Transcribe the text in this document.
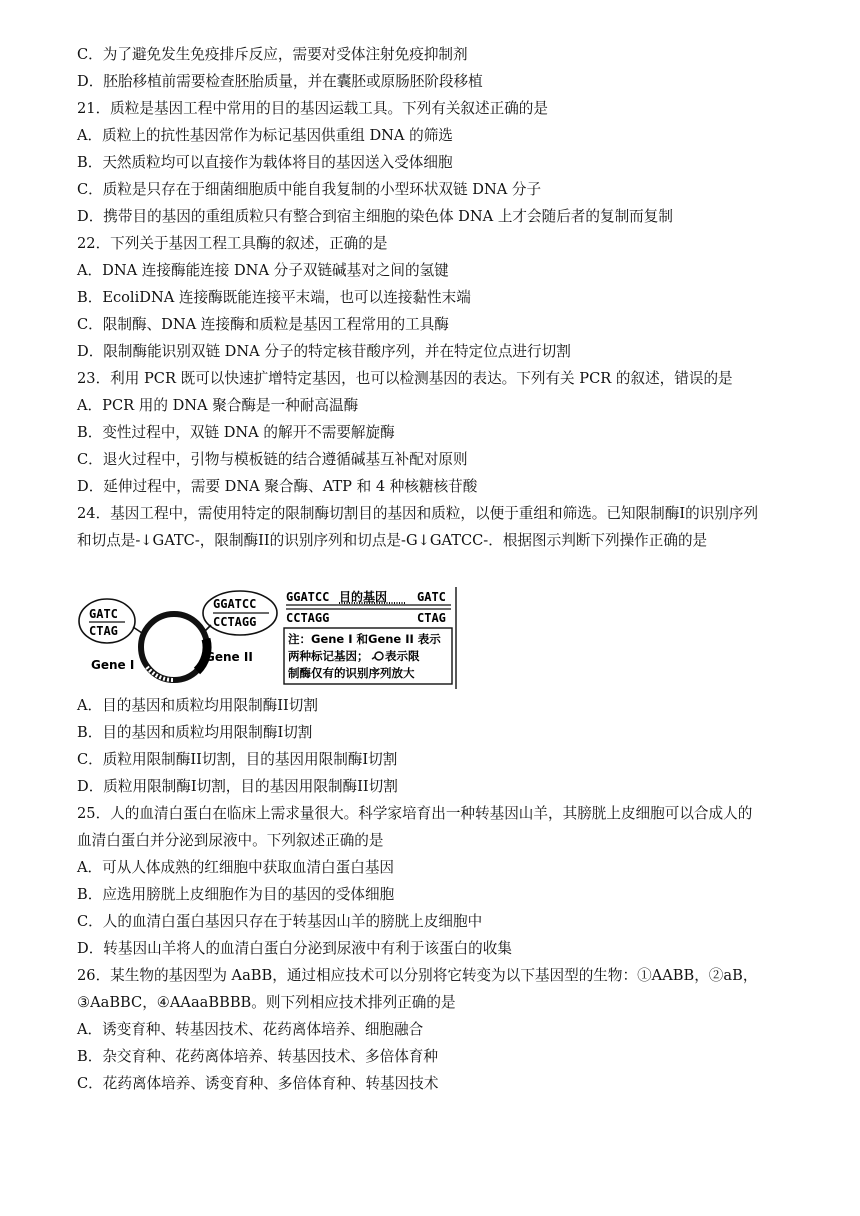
C．为了避免发生免疫排斥反应，需要对受体注射免疫抑制剂
D．胚胎移植前需要检查胚胎质量，并在囊胚或原肠胚阶段移植
21．质粒是基因工程中常用的目的基因运载工具。下列有关叙述正确的是
A．质粒上的抗性基因常作为标记基因供重组 DNA 的筛选
B．天然质粒均可以直接作为载体将目的基因送入受体细胞
C．质粒是只存在于细菌细胞质中能自我复制的小型环状双链 DNA 分子
D．携带目的基因的重组质粒只有整合到宿主细胞的染色体 DNA 上才会随后者的复制而复制
22．下列关于基因工程工具酶的叙述，正确的是
A．DNA 连接酶能连接 DNA 分子双链碱基对之间的氢键
B．EcoliDNA 连接酶既能连接平末端，也可以连接黏性末端
C．限制酶、DNA 连接酶和质粒是基因工程常用的工具酶
D．限制酶能识别双链 DNA 分子的特定核苷酸序列，并在特定位点进行切割
23．利用 PCR 既可以快速扩增特定基因，也可以检测基因的表达。下列有关 PCR 的叙述，错误的是
A．PCR 用的 DNA 聚合酶是一种耐高温酶
B．变性过程中，双链 DNA 的解开不需要解旋酶
C．退火过程中，引物与模板链的结合遵循碱基互补配对原则
D．延伸过程中，需要 DNA 聚合酶、ATP 和 4 种核糖核苷酸
24．基因工程中，需使用特定的限制酶切割目的基因和质粒，以便于重组和筛选。已知限制酶I的识别序列
和切点是-↓GATC-，限制酶II的识别序列和切点是-G↓GATCC-．根据图示判断下列操作正确的是
GATC
CTAG
GGATCC
CCTAGG
Gene I
Gene II
GGATCC 目的基因 GATC
CCTAGG	CTAG
注：Gene I 和Gene II 表示
两种标记基因； 表示限
制酶仅有的识别序列放大
A．目的基因和质粒均用限制酶II切割
B．目的基因和质粒均用限制酶I切割
C．质粒用限制酶II切割，目的基因用限制酶I切割
D．质粒用限制酶I切割，目的基因用限制酶II切割
25．人的血清白蛋白在临床上需求量很大。科学家培育出一种转基因山羊，其膀胱上皮细胞可以合成人的
血清白蛋白并分泌到尿液中。下列叙述正确的是
A．可从人体成熟的红细胞中获取血清白蛋白基因
B．应选用膀胱上皮细胞作为目的基因的受体细胞
C．人的血清白蛋白基因只存在于转基因山羊的膀胱上皮细胞中
D．转基因山羊将人的血清白蛋白分泌到尿液中有利于该蛋白的收集
26．某生物的基因型为 AaBB，通过相应技术可以分别将它转变为以下基因型的生物：①AABB，②aB，
③AaBBC，④AAaaBBBB。则下列相应技术排列正确的是
A．诱变育种、转基因技术、花药离体培养、细胞融合
B．杂交育种、花药离体培养、转基因技术、多倍体育种
C．花药离体培养、诱变育种、多倍体育种、转基因技术
